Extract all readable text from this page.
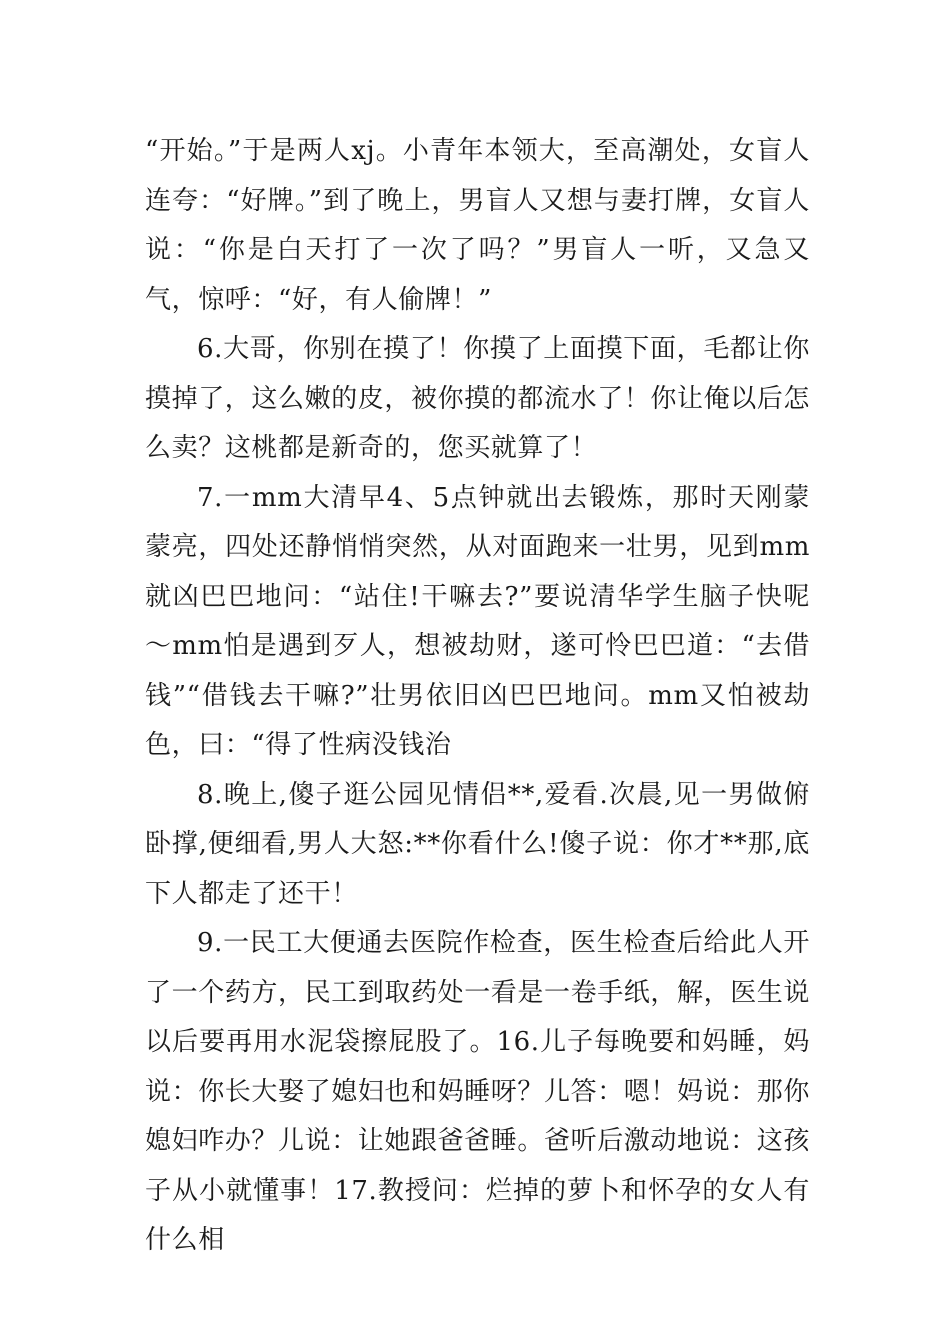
“开始。”于是两人xj。小青年本领大，至高潮处，女盲人连夸：“好牌。”到了晚上，男盲人又想与妻打牌，女盲人说：“你是白天打了一次了吗？”男盲人一听，又急又气，惊呼：“好，有人偷牌！”

6.大哥，你别在摸了！你摸了上面摸下面，毛都让你摸掉了，这么嫩的皮，被你摸的都流水了！你让俺以后怎么卖？这桃都是新奇的，您买就算了！

7.一mm大清早4、5点钟就出去锻炼，那时天刚蒙蒙亮，四处还静悄悄突然，从对面跑来一壮男，见到mm就凶巴巴地问：“站住!干嘛去?”要说清华学生脑子快呢～mm怕是遇到歹人，想被劫财，遂可怜巴巴道：“去借钱”“借钱去干嘛?”壮男依旧凶巴巴地问。mm又怕被劫色，曰：“得了性病没钱治

8.晚上,傻子逛公园见情侣**,爱看.次晨,见一男做俯卧撑,便细看,男人大怒:**你看什么!傻子说：你才**那,底下人都走了还干！

9.一民工大便通去医院作检查，医生检查后给此人开了一个药方，民工到取药处一看是一卷手纸，解，医生说以后要再用水泥袋擦屁股了。16.儿子每晚要和妈睡，妈说：你长大娶了媳妇也和妈睡呀？儿答：嗯！妈说：那你媳妇咋办？儿说：让她跟爸爸睡。爸听后激动地说：这孩子从小就懂事！17.教授问：烂掉的萝卜和怀孕的女人有什么相
